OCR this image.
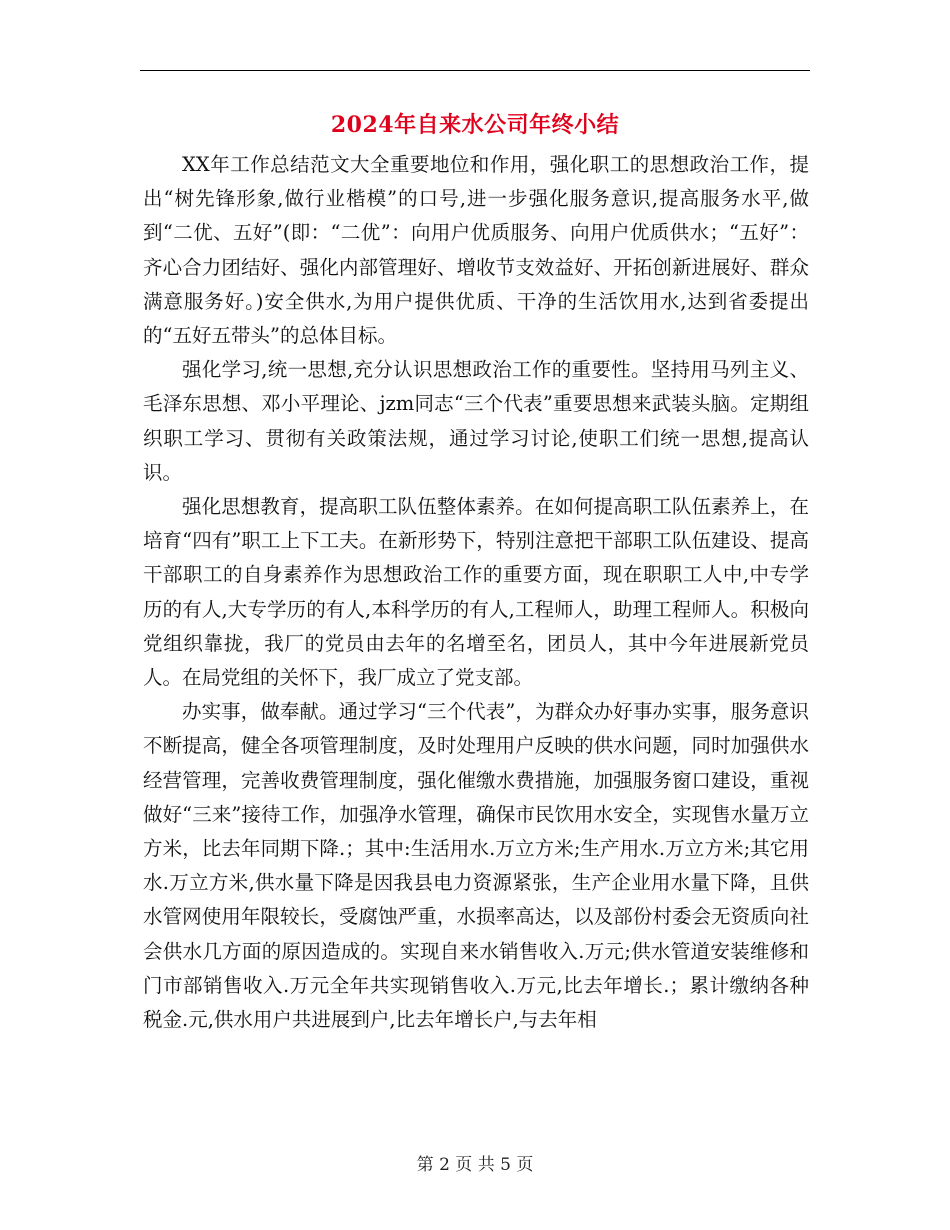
2024年自来水公司年终小结

XX年工作总结范文大全重要地位和作用，强化职工的思想政治工作，提出“树先锋形象,做行业楷模”的口号,进一步强化服务意识,提高服务水平,做到“二优、五好”(即：“二优”：向用户优质服务、向用户优质供水；“五好”：齐心合力团结好、强化内部管理好、增收节支效益好、开拓创新进展好、群众满意服务好。)安全供水,为用户提供优质、干净的生活饮用水,达到省委提出的“五好五带头”的总体目标。

强化学习,统一思想,充分认识思想政治工作的重要性。坚持用马列主义、毛泽东思想、邓小平理论、jzm同志“三个代表”重要思想来武装头脑。定期组织职工学习、贯彻有关政策法规，通过学习讨论,使职工们统一思想,提高认识。

强化思想教育，提高职工队伍整体素养。在如何提高职工队伍素养上，在培育“四有”职工上下工夫。在新形势下，特别注意把干部职工队伍建设、提高干部职工的自身素养作为思想政治工作的重要方面，现在职职工人中,中专学历的有人,大专学历的有人,本科学历的有人,工程师人，助理工程师人。积极向党组织靠拢，我厂的党员由去年的名增至名，团员人，其中今年进展新党员人。在局党组的关怀下，我厂成立了党支部。

办实事，做奉献。通过学习“三个代表”，为群众办好事办实事，服务意识不断提高，健全各项管理制度，及时处理用户反映的供水问题，同时加强供水经营管理，完善收费管理制度，强化催缴水费措施，加强服务窗口建设，重视做好“三来”接待工作，加强净水管理，确保市民饮用水安全，实现售水量万立方米，比去年同期下降.；其中:生活用水.万立方米;生产用水.万立方米;其它用水.万立方米,供水量下降是因我县电力资源紧张，生产企业用水量下降，且供水管网使用年限较长，受腐蚀严重，水损率高达，以及部份村委会无资质向社会供水几方面的原因造成的。实现自来水销售收入.万元;供水管道安装维修和门市部销售收入.万元全年共实现销售收入.万元,比去年增长.；累计缴纳各种税金.元,供水用户共进展到户,比去年增长户,与去年相

第 2 页 共 5 页
